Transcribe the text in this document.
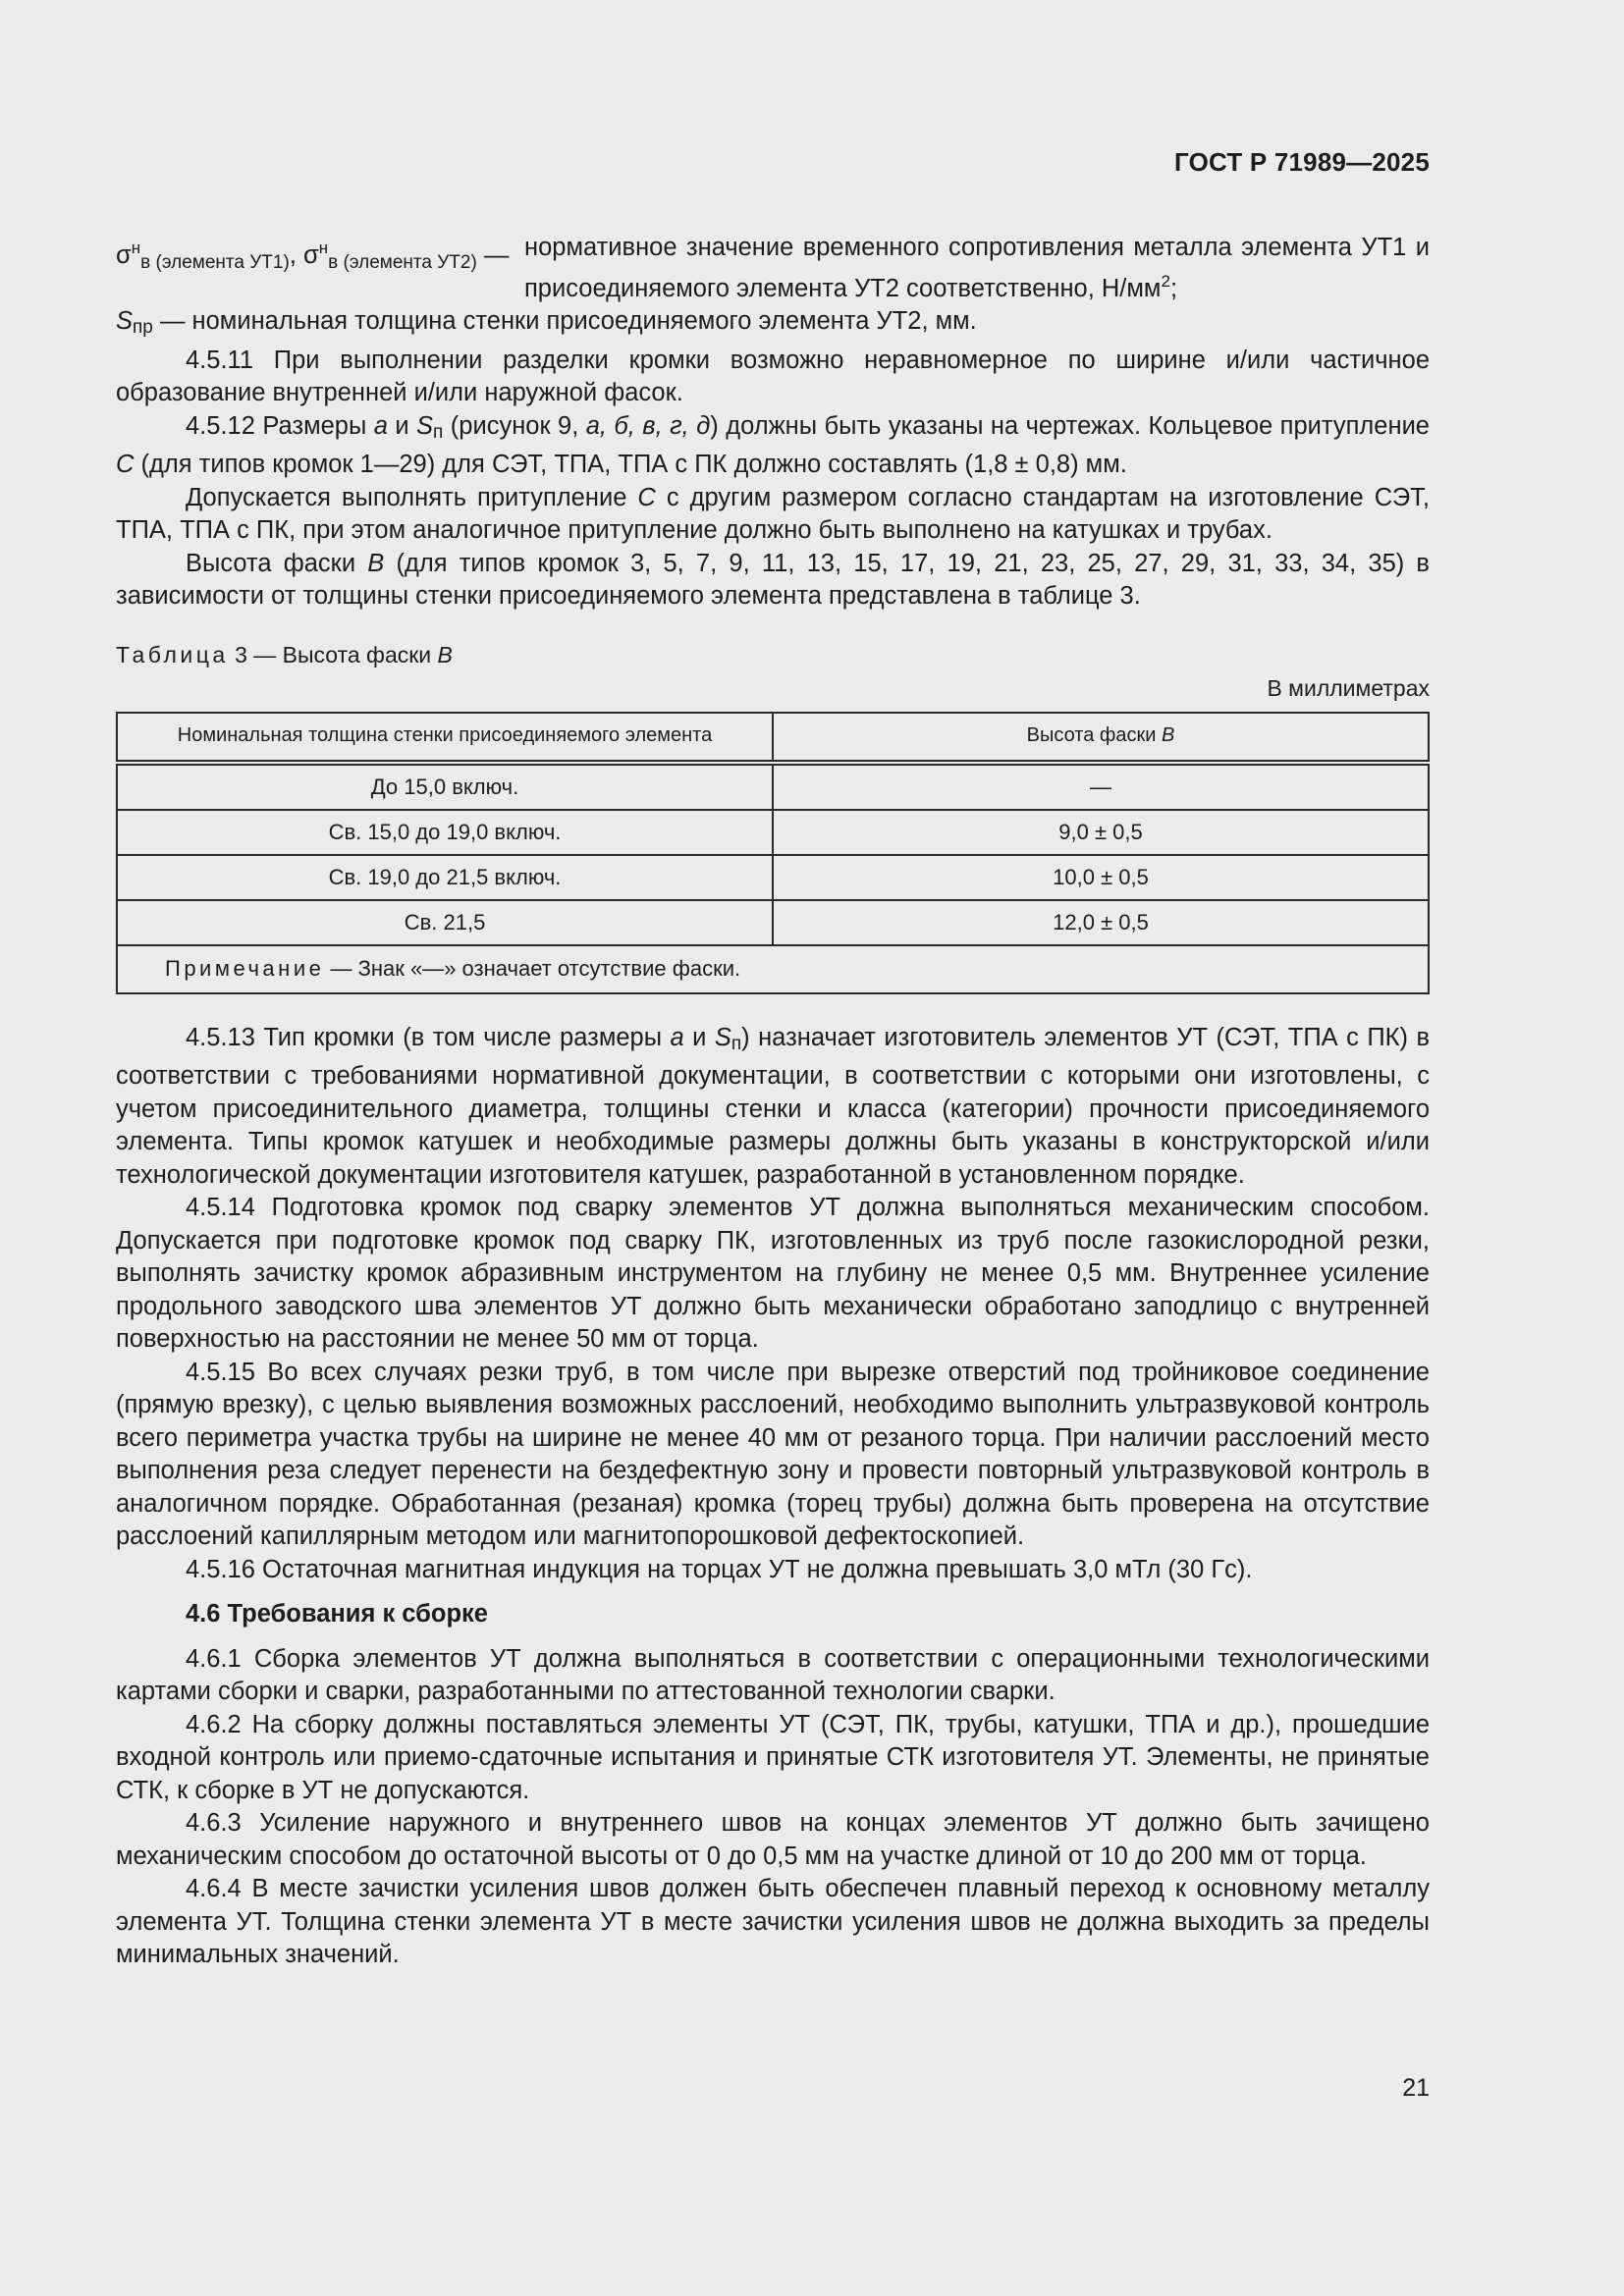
ГОСТ Р 71989—2025
$\sigma^нв$ (элемента УТ1), $\sigma^нв$ (элемента УТ2) — нормативное значение временного сопротивления металла элемента УТ1 и присоединяемого элемента УТ2 соответственно, $Н/мм^2$;

$S_{пр}$ — номинальная толщина стенки присоединяемого элемента УТ2, мм.

4.5.11 При выполнении разделки кромки возможно неравномерное по ширине и/или частичное образование внутренней и/или наружной фасок.

4.5.12 Размеры a и $S_п$ (рисунок 9, а, б, в, г, д) должны быть указаны на чертежах. Кольцевое притупление С (для типов кромок 1—29) для СЭТ, ТПА, ТПА с ПК должно составлять (1,8 ± 0,8) мм.

Допускается выполнять притупление С с другим размером согласно стандартам на изготовление СЭТ, ТПА, ТПА с ПК, при этом аналогичное притупление должно быть выполнено на катушках и трубах.

Высота фаски В (для типов кромок 3, 5, 7, 9, 11, 13, 15, 17, 19, 21, 23, 25, 27, 29, 31, 33, 34, 35) в зависимости от толщины стенки присоединяемого элемента представлена в таблице 3.

Таблица 3 — Высота фаски В
В миллиметрах
Номинальная толщина стенки присоединяемого элемента	Высота фаски В
До 15,0 включ.	—
Св. 15,0 до 19,0 включ.	9,0 ± 0,5
Св. 19,0 до 21,5 включ.	10,0 ± 0,5
Св. 21,5	12,0 ± 0,5
Примечание — Знак «—» означает отсутствие фаски.	

4.5.13 Тип кромки (в том числе размеры а и $S_п$) назначает изготовитель элементов УТ (СЭТ, ТПА с ПК) в соответствии с требованиями нормативной документации, в соответствии с которыми они изготовлены, с учетом присоединительного диаметра, толщины стенки и класса (категории) прочности присоединяемого элемента. Типы кромок катушек и необходимые размеры должны быть указаны в конструкторской и/или технологической документации изготовителя катушек, разработанной в установленном порядке.

4.5.14 Подготовка кромок под сварку элементов УТ должна выполняться механическим способом. Допускается при подготовке кромок под сварку ПК, изготовленных из труб после газокислородной резки, выполнять зачистку кромок абразивным инструментом на глубину не менее 0,5 мм. Внутреннее усиление продольного заводского шва элементов УТ должно быть механически обработано заподлицо с внутренней поверхностью на расстоянии не менее 50 мм от торца.

4.5.15 Во всех случаях резки труб, в том числе при вырезке отверстий под тройниковое соединение (прямую врезку), с целью выявления возможных расслоений, необходимо выполнить ультразвуковой контроль всего периметра участка трубы на ширине не менее 40 мм от резаного торца. При наличии расслоений место выполнения реза следует перенести на бездефектную зону и провести повторный ультразвуковой контроль в аналогичном порядке. Обработанная (резаная) кромка (торец трубы) должна быть проверена на отсутствие расслоений капиллярным методом или магнитопорошковой дефектоскопией.

4.5.16 Остаточная магнитная индукция на торцах УТ не должна превышать 3,0 мТл (30 Гс).

4.6 Требования к сборке

4.6.1 Сборка элементов УТ должна выполняться в соответствии с операционными технологическими картами сборки и сварки, разработанными по аттестованной технологии сварки.

4.6.2 На сборку должны поставляться элементы УТ (СЭТ, ПК, трубы, катушки, ТПА и др.), прошедшие входной контроль или приемо-сдаточные испытания и принятые СТК изготовителя УТ. Элементы, не принятые СТК, к сборке в УТ не допускаются.

4.6.3 Усиление наружного и внутреннего швов на концах элементов УТ должно быть зачищено механическим способом до остаточной высоты от 0 до 0,5 мм на участке длиной от 10 до 200 мм от торца.

4.6.4 В месте зачистки усиления швов должен быть обеспечен плавный переход к основному металлу элемента УТ. Толщина стенки элемента УТ в месте зачистки усиления швов не должна выходить за пределы минимальных значений.

21
